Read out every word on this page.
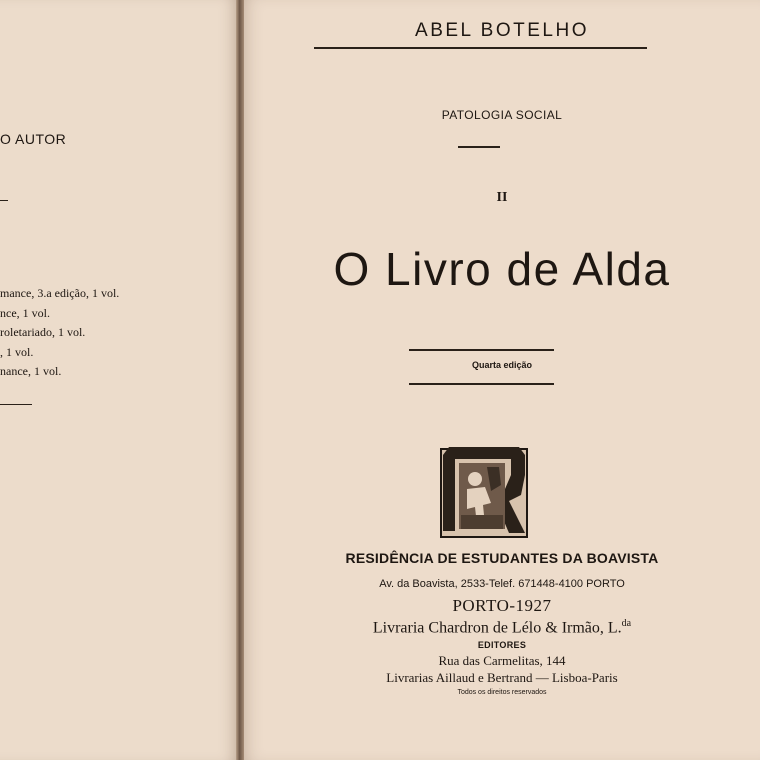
O AUTOR
mance, 3.a edição, 1 vol.
nce, 1 vol.
roletariado, 1 vol.
, 1 vol.
nance, 1 vol.
ABEL BOTELHO
PATOLOGIA SOCIAL
II
O Livro de Alda
Quarta edição
RESIDÊNCIA DE ESTUDANTES DA BOAVISTA
Av. da Boavista, 2533-Telef. 671448-4100 PORTO
PORTO-1927
Livraria Chardron de Lélo & Irmão, L.$^{da}$
EDITORES
Rua das Carmelitas, 144
Livrarias Aillaud e Bertrand — Lisboa-Paris
Todos os direitos reservados
